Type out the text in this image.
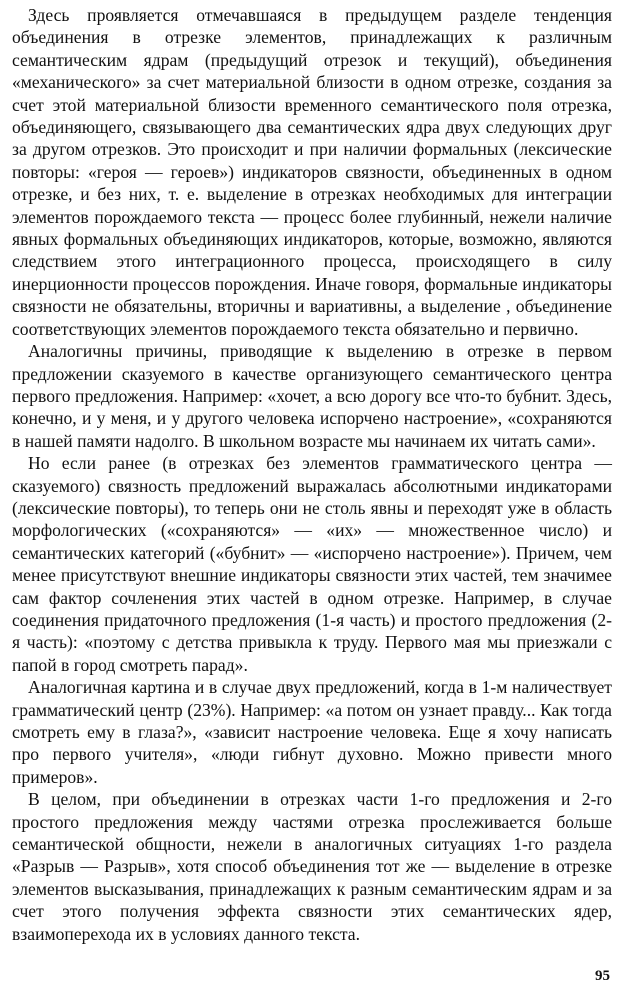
Здесь проявляется отмечавшаяся в предыдущем разделе тенденция объединения в отрезке элементов, принадлежащих к различным семантическим ядрам (предыдущий отрезок и текущий), объединения «механического» за счет материальной близости в одном отрезке, создания за счет этой материальной близости временного семантического поля отрезка, объединяющего, связывающего два семантических ядра двух следующих друг за другом отрезков. Это происходит и при наличии формальных (лексические повторы: «героя — героев») индикаторов связности, объединенных в одном отрезке, и без них, т. е. выделение в отрезках необходимых для интеграции элементов порождаемого текста — процесс более глубинный, нежели наличие явных формальных объединяющих индикаторов, которые, возможно, являются следствием этого интеграционного процесса, происходящего в силу инерционности процессов порождения. Иначе говоря, формальные индикаторы связности не обязательны, вторичны и вариативны, а выделение , объединение соответствующих элементов порождаемого текста обязательно и первично.

Аналогичны причины, приводящие к выделению в отрезке в первом предложении сказуемого в качестве организующего семантического центра первого предложения. Например: «хочет, а всю дорогу все что-то бубнит. Здесь, конечно, и у меня, и у другого человека испорчено настроение», «сохраняются в нашей памяти надолго. В школьном возрасте мы начинаем их читать сами».

Но если ранее (в отрезках без элементов грамматического центра — сказуемого) связность предложений выражалась абсолютными индикаторами (лексические повторы), то теперь они не столь явны и переходят уже в область морфологических («сохраняются» — «их» — множественное число) и семантических категорий («бубнит» — «испорчено настроение»). Причем, чем менее присутствуют внешние индикаторы связности этих частей, тем значимее сам фактор сочленения этих частей в одном отрезке. Например, в случае соединения придаточного предложения (1-я часть) и простого предложения (2-я часть): «поэтому с детства привыкла к труду. Первого мая мы приезжали с папой в город смотреть парад».

Аналогичная картина и в случае двух предложений, когда в 1-м наличествует грамматический центр (23%). Например: «а потом он узнает правду... Как тогда смотреть ему в глаза?», «зависит настроение человека. Еще я хочу написать про первого учителя», «люди гибнут духовно. Можно привести много примеров».

В целом, при объединении в отрезках части 1-го предложения и 2-го простого предложения между частями отрезка прослеживается больше семантической общности, нежели в аналогичных ситуациях 1-го раздела «Разрыв — Разрыв», хотя способ объединения тот же — выделение в отрезке элементов высказывания, принадлежащих к разным семантическим ядрам и за счет этого получения эффекта связности этих семантических ядер, взаимоперехода их в условиях данного текста.

95
